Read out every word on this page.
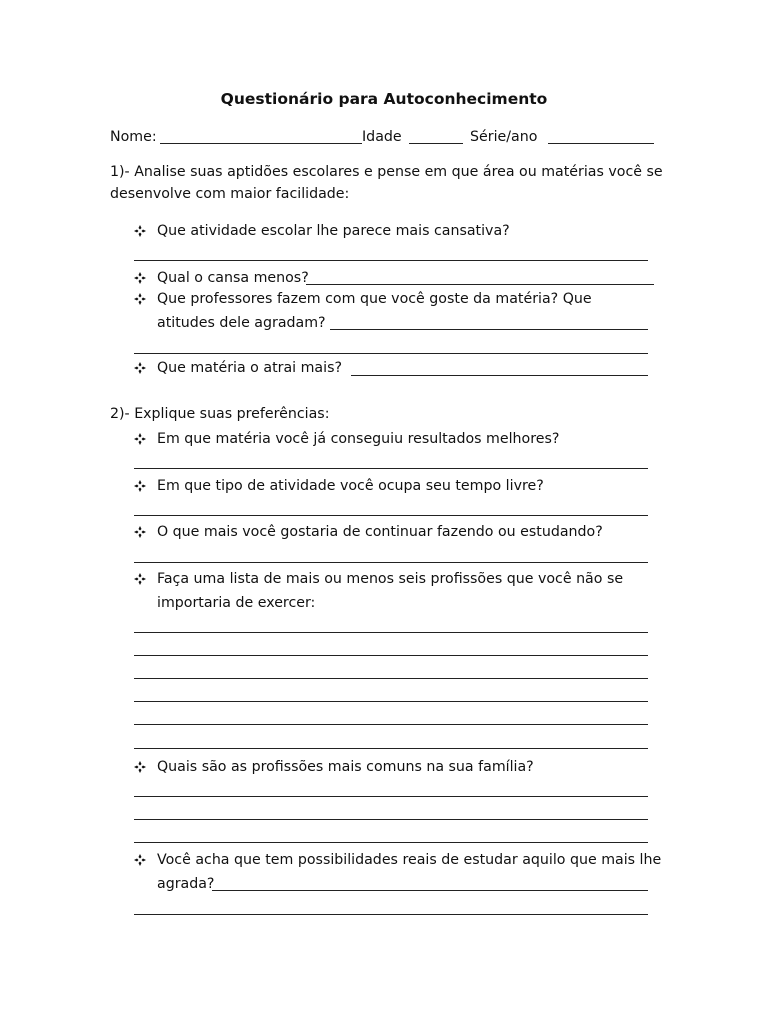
Questionário para Autoconhecimento
Nome:	Idade	Série/ano
1)- Analise suas aptidões escolares e pense em que área ou matérias você se
desenvolve com maior facilidade:
Que atividade escolar lhe parece mais cansativa?
Qual o cansa menos?
Que professores fazem com que você goste da matéria? Que
atitudes dele agradam?
Que matéria o atrai mais?
2)- Explique suas preferências:
Em que matéria você já conseguiu resultados melhores?
Em que tipo de atividade você ocupa seu tempo livre?
O que mais você gostaria de continuar fazendo ou estudando?
Faça uma lista de mais ou menos seis profissões que você não se
importaria de exercer:
Quais são as profissões mais comuns na sua família?
Você acha que tem possibilidades reais de estudar aquilo que mais lhe
agrada?
